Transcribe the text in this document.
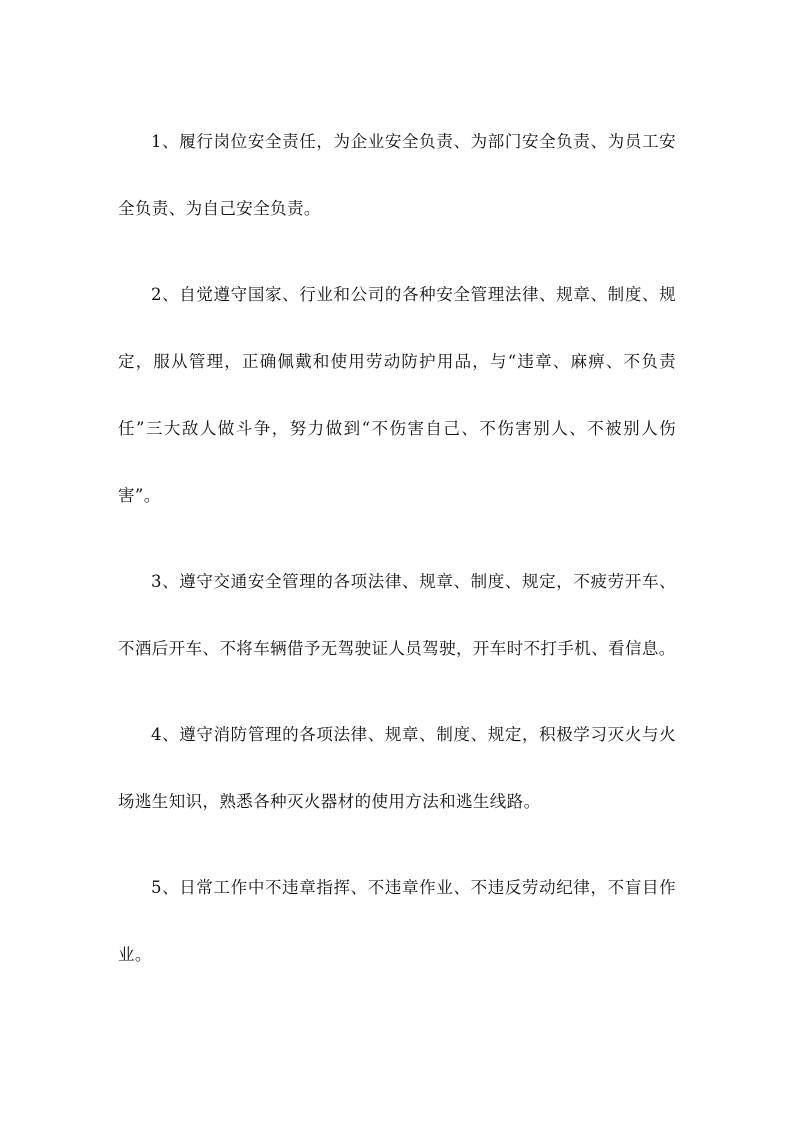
1、履行岗位安全责任，为企业安全负责、为部门安全负责、为员工安全负责、为自己安全负责。

2、自觉遵守国家、行业和公司的各种安全管理法律、规章、制度、规定，服从管理，正确佩戴和使用劳动防护用品，与“违章、麻痹、不负责任”三大敌人做斗争，努力做到“不伤害自己、不伤害别人、不被别人伤害”。

3、遵守交通安全管理的各项法律、规章、制度、规定，不疲劳开车、不酒后开车、不将车辆借予无驾驶证人员驾驶，开车时不打手机、看信息。

4、遵守消防管理的各项法律、规章、制度、规定，积极学习灭火与火场逃生知识，熟悉各种灭火器材的使用方法和逃生线路。

5、日常工作中不违章指挥、不违章作业、不违反劳动纪律，不盲目作业。
